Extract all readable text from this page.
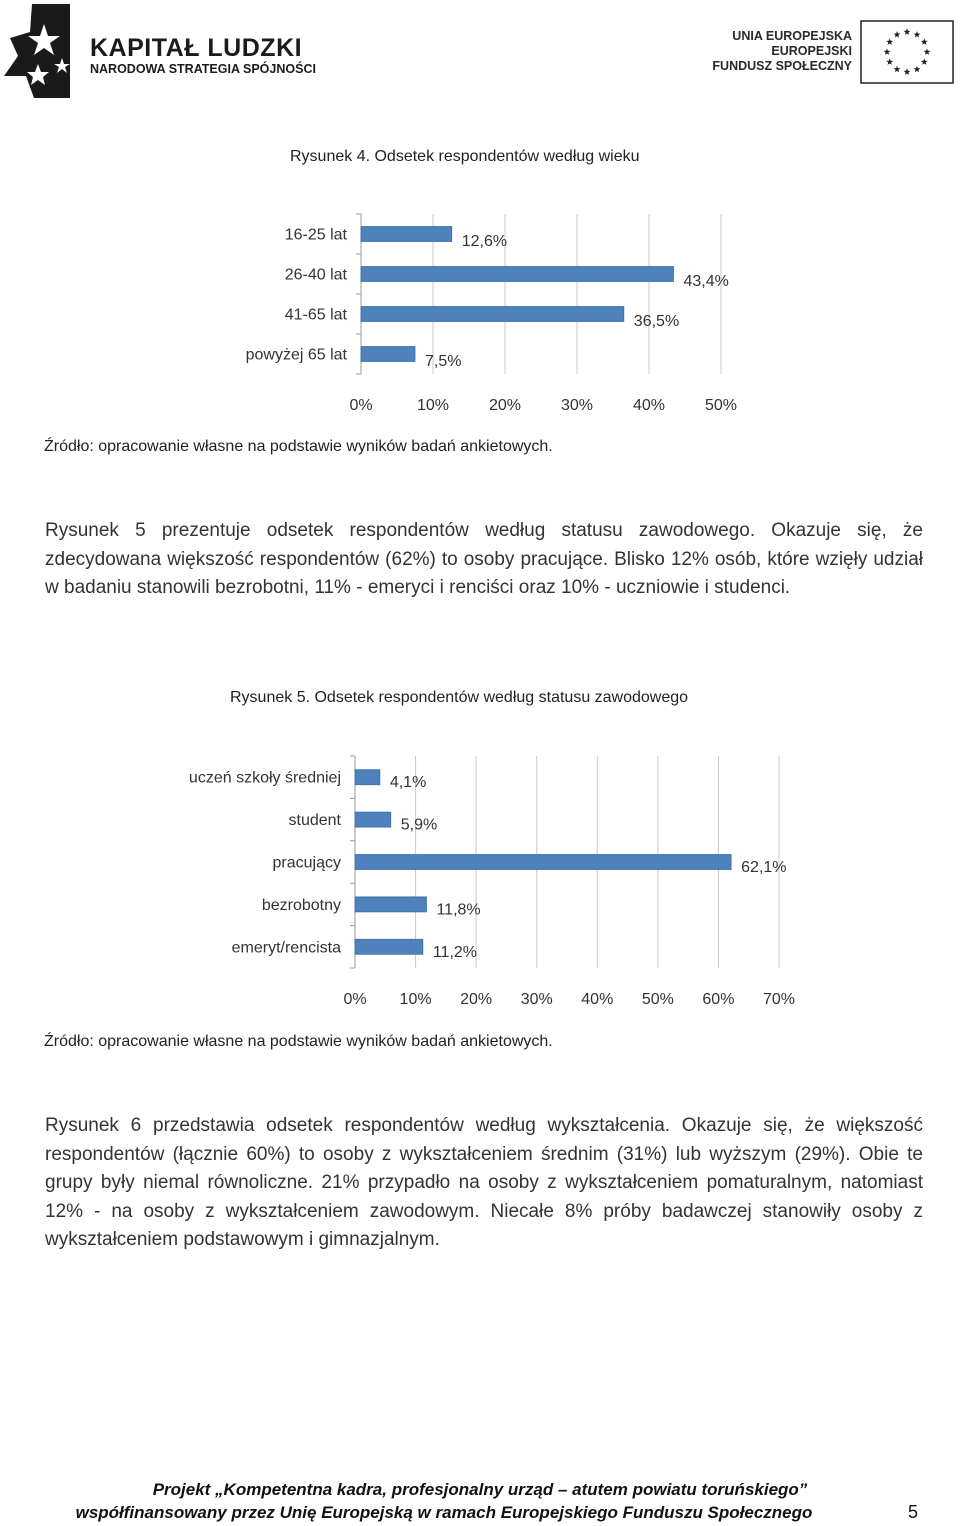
KAPITAŁ LUDZKI
NARODOWA STRATEGIA SPÓJNOŚCI
UNIA EUROPEJSKA
EUROPEJSKI
FUNDUSZ SPOŁECZNY
Rysunek 4. Odsetek respondentów według wieku
0%	10% 20% 30% 40% 50%
16-25 lat	12,6%
26-40 lat	43,4%
41-65 lat	36,5%
powyżej 65 lat	7,5%
Źródło: opracowanie własne na podstawie wyników badań ankietowych.
Rysunek 5 prezentuje odsetek respondentów według statusu zawodowego. Okazuje się, że zdecydowana większość respondentów (62%) to osoby pracujące. Blisko 12% osób, które wzięły udział w badaniu stanowili bezrobotni, 11% - emeryci i renciści oraz 10% - uczniowie i studenci.
Rysunek 5. Odsetek respondentów według statusu zawodowego
0% 10% 20% 30% 40% 50% 60% 70%
uczeń szkoły średniej	4,1%
student	5,9%
pracujący	62,1%
bezrobotny	11,8%
emeryt/rencista	11,2%
Źródło: opracowanie własne na podstawie wyników badań ankietowych.
Rysunek 6 przedstawia odsetek respondentów według wykształcenia. Okazuje się, że większość respondentów (łącznie 60%) to osoby z wykształceniem średnim (31%) lub wyższym (29%). Obie te grupy były niemal równoliczne. 21% przypadło na osoby z wykształceniem pomaturalnym, natomiast 12% - na osoby z wykształceniem zawodowym. Niecałe 8% próby badawczej stanowiły osoby z wykształceniem podstawowym i gimnazjalnym.
Projekt „Kompetentna kadra, profesjonalny urząd – atutem powiatu toruńskiego”
współfinansowany przez Unię Europejską w ramach Europejskiego Funduszu Społecznego	5
